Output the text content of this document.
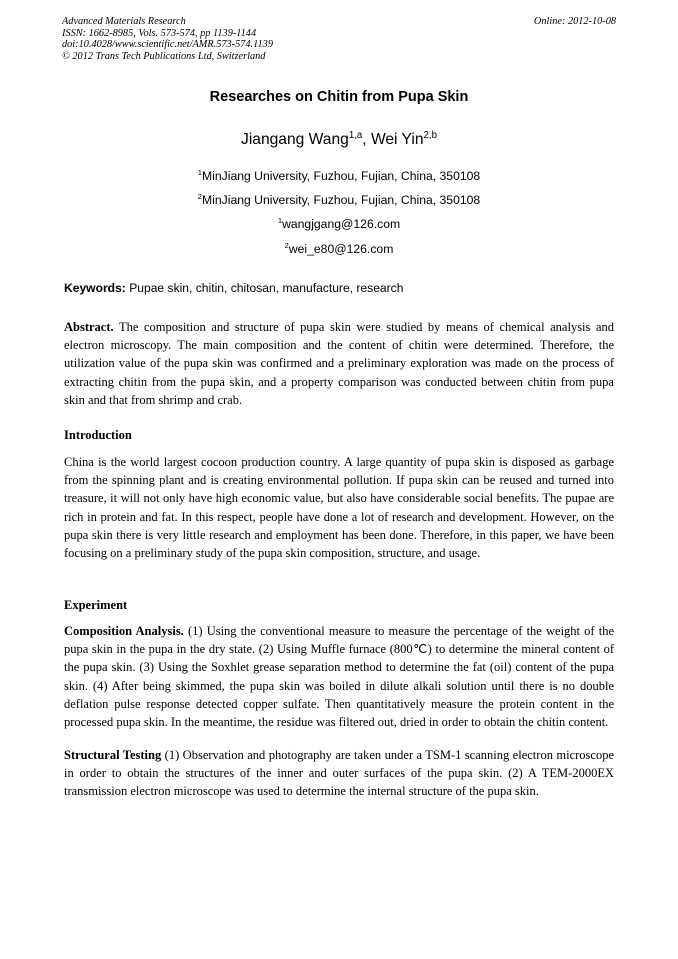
Advanced Materials Research
ISSN: 1662-8985, Vols. 573-574, pp 1139-1144
doi:10.4028/www.scientific.net/AMR.573-574.1139
© 2012 Trans Tech Publications Ltd, Switzerland
Online: 2012-10-08
Researches on Chitin from Pupa Skin
Jiangang Wang$^{1,a}$, Wei Yin$^{2,b}$
$^1$MinJiang University, Fuzhou, Fujian, China, 350108
$^2$MinJiang University, Fuzhou, Fujian, China, 350108
$^1$wangjgang@126.com
$^2$wei_e80@126.com
Keywords: Pupae skin, chitin, chitosan, manufacture, research
Abstract. The composition and structure of pupa skin were studied by means of chemical analysis and electron microscopy. The main composition and the content of chitin were determined. Therefore, the utilization value of the pupa skin was confirmed and a preliminary exploration was made on the process of extracting chitin from the pupa skin, and a property comparison was conducted between chitin from pupa skin and that from shrimp and crab.
Introduction
China is the world largest cocoon production country. A large quantity of pupa skin is disposed as garbage from the spinning plant and is creating environmental pollution. If pupa skin can be reused and turned into treasure, it will not only have high economic value, but also have considerable social benefits. The pupae are rich in protein and fat. In this respect, people have done a lot of research and development. However, on the pupa skin there is very little research and employment has been done. Therefore, in this paper, we have been focusing on a preliminary study of the pupa skin composition, structure, and usage.
Experiment
Composition Analysis. (1) Using the conventional measure to measure the percentage of the weight of the pupa skin in the pupa in the dry state. (2) Using Muffle furnace (800℃) to determine the mineral content of the pupa skin. (3) Using the Soxhlet grease separation method to determine the fat (oil) content of the pupa skin. (4) After being skimmed, the pupa skin was boiled in dilute alkali solution until there is no double deflation pulse response detected copper sulfate. Then quantitatively measure the protein content in the processed pupa skin. In the meantime, the residue was filtered out, dried in order to obtain the chitin content.
Structural Testing (1) Observation and photography are taken under a TSM-1 scanning electron microscope in order to obtain the structures of the inner and outer surfaces of the pupa skin. (2) A TEM-2000EX transmission electron microscope was used to determine the internal structure of the pupa skin.
